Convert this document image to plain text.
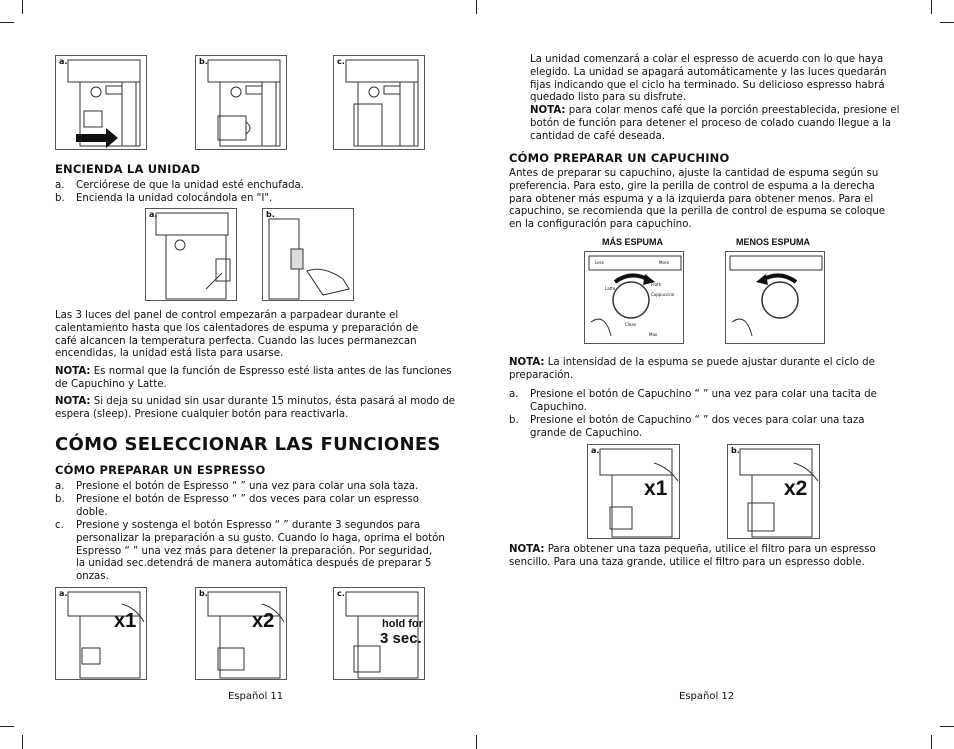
a.	b.	c.
ENCIENDA LA UNIDAD
a. Cerciórese de que la unidad esté enchufada.
b. Encienda la unidad colocándola en "I".
a.	b.
Las 3 luces del panel de control empezarán a parpadear durante el
calentamiento hasta que los calentadores de espuma y preparación de
café alcancen la temperatura perfecta. Cuando las luces permanezcan
encendidas, la unidad está lista para usarse.
NOTA: Es normal que la función de Espresso esté lista antes de las funciones
de Capuchino y Latte.
NOTA: Si deja su unidad sin usar durante 15 minutos, ésta pasará al modo de
espera (sleep). Presione cualquier botón para reactivarla.
CÓMO SELECCIONAR LAS FUNCIONES
CÓMO PREPARAR UN ESPRESSO
a. Presione el botón de Espresso “ ” una vez para colar una sola taza.
b. Presione el botón de Espresso “ ” dos veces para colar un espresso
doble.
c. Presione y sostenga el botón Espresso “ ” durante 3 segundos para
personalizar la preparación a su gusto. Cuando lo haga, oprima el botón
Espresso “ ” una vez más para detener la preparación. Por seguridad,
la unidad sec.detendrá de manera automática después de preparar 5
onzas.
a.
x1
b.
x2
c.
hold for
3 sec.
Español 11
La unidad comenzará a colar el espresso de acuerdo con lo que haya
elegido. La unidad se apagará automáticamente y las luces quedarán
fijas indicando que el ciclo ha terminado. Su delicioso espresso habrá
quedado listo para su disfrute.
NOTA: para colar menos café que la porción preestablecida, presione el
botón de función para detener el proceso de colado cuando llegue a la
cantidad de café deseada.
CÓMO PREPARAR UN CAPUCHINO
Antes de preparar su capuchino, ajuste la cantidad de espuma según su
preferencia. Para esto, gire la perilla de control de espuma a la derecha
para obtener más espuma y a la izquierda para obtener menos. Para el
capuchino, se recomienda que la perilla de control de espuma se coloque
en la configuración para capuchino.
MÁS ESPUMA	MENOS ESPUMA
Latte
Froth
Cappuccino
Clean
Max
Less	More
NOTA: La intensidad de la espuma se puede ajustar durante el ciclo de
preparación.
a. Presione el botón de Capuchino “ ” una vez para colar una tacita de
Capuchino.
b. Presione el botón de Capuchino “ ” dos veces para colar una taza
grande de Capuchino.
a.
x1
b.
x2
NOTA: Para obtener una taza pequeña, utilice el filtro para un espresso
sencillo. Para una taza grande, utilice el filtro para un espresso doble.
Español 12
